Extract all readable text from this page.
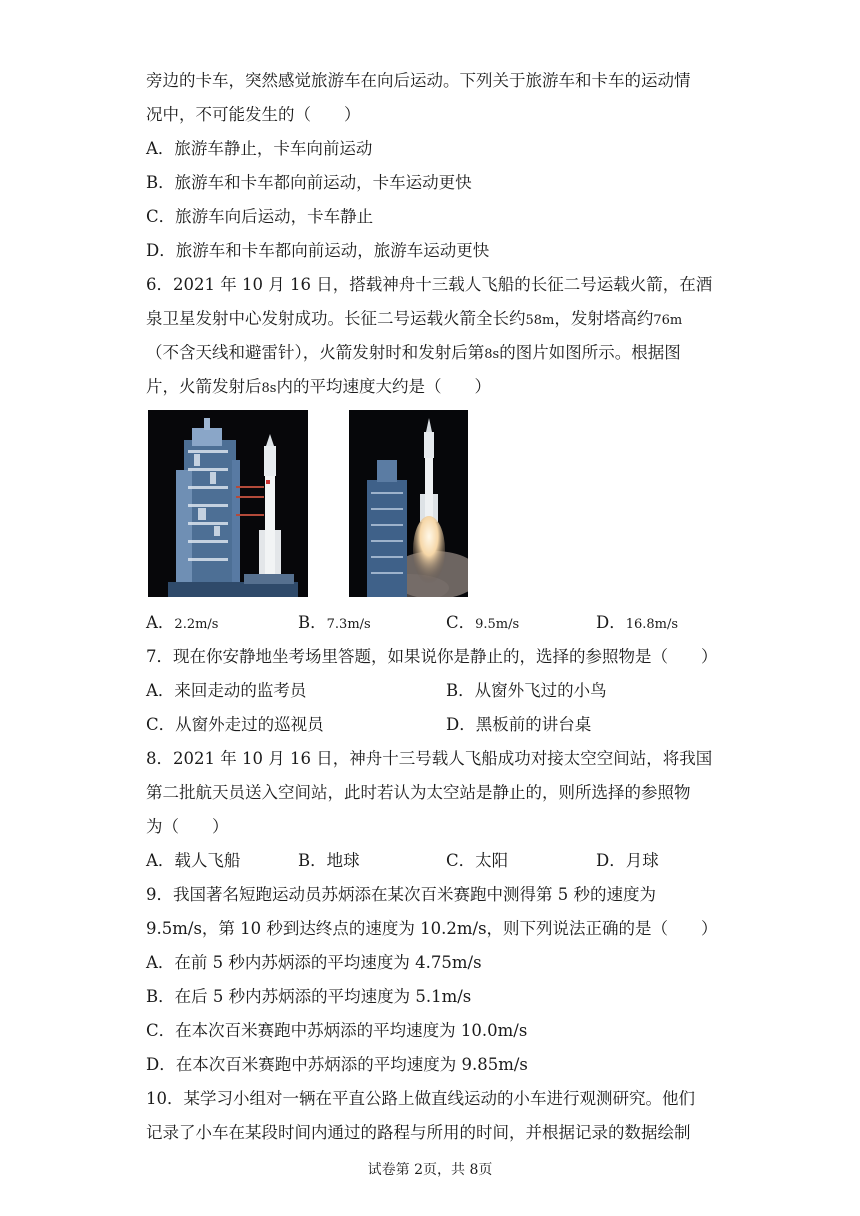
旁边的卡车，突然感觉旅游车在向后运动。下列关于旅游车和卡车的运动情
况中，不可能发生的（　　）
A．旅游车静止，卡车向前运动
B．旅游车和卡车都向前运动，卡车运动更快
C．旅游车向后运动，卡车静止
D．旅游车和卡车都向前运动，旅游车运动更快
6．2021 年 10 月 16 日，搭载神舟十三载人飞船的长征二号运载火箭，在酒
泉卫星发射中心发射成功。长征二号运载火箭全长约58m，发射塔高约76m
（不含天线和避雷针），火箭发射时和发射后第8s的图片如图所示。根据图
片，火箭发射后8s内的平均速度大约是（　　）
A．2.2m/s	B．7.3m/s	C．9.5m/s	D．16.8m/s
7．现在你安静地坐考场里答题，如果说你是静止的，选择的参照物是（　　）
A．来回走动的监考员	B．从窗外飞过的小鸟
C．从窗外走过的巡视员	D．黑板前的讲台桌
8．2021 年 10 月 16 日，神舟十三号载人飞船成功对接太空空间站，将我国
第二批航天员送入空间站，此时若认为太空站是静止的，则所选择的参照物
为（　　）
A．载人飞船	B．地球	C．太阳	D．月球
9．我国著名短跑运动员苏炳添在某次百米赛跑中测得第 5 秒的速度为
9.5m/s，第 10 秒到达终点的速度为 10.2m/s，则下列说法正确的是（　　）
A．在前 5 秒内苏炳添的平均速度为 4.75m/s
B．在后 5 秒内苏炳添的平均速度为 5.1m/s
C．在本次百米赛跑中苏炳添的平均速度为 10.0m/s
D．在本次百米赛跑中苏炳添的平均速度为 9.85m/s
10．某学习小组对一辆在平直公路上做直线运动的小车进行观测研究。他们
记录了小车在某段时间内通过的路程与所用的时间，并根据记录的数据绘制
试卷第 2页，共 8页
